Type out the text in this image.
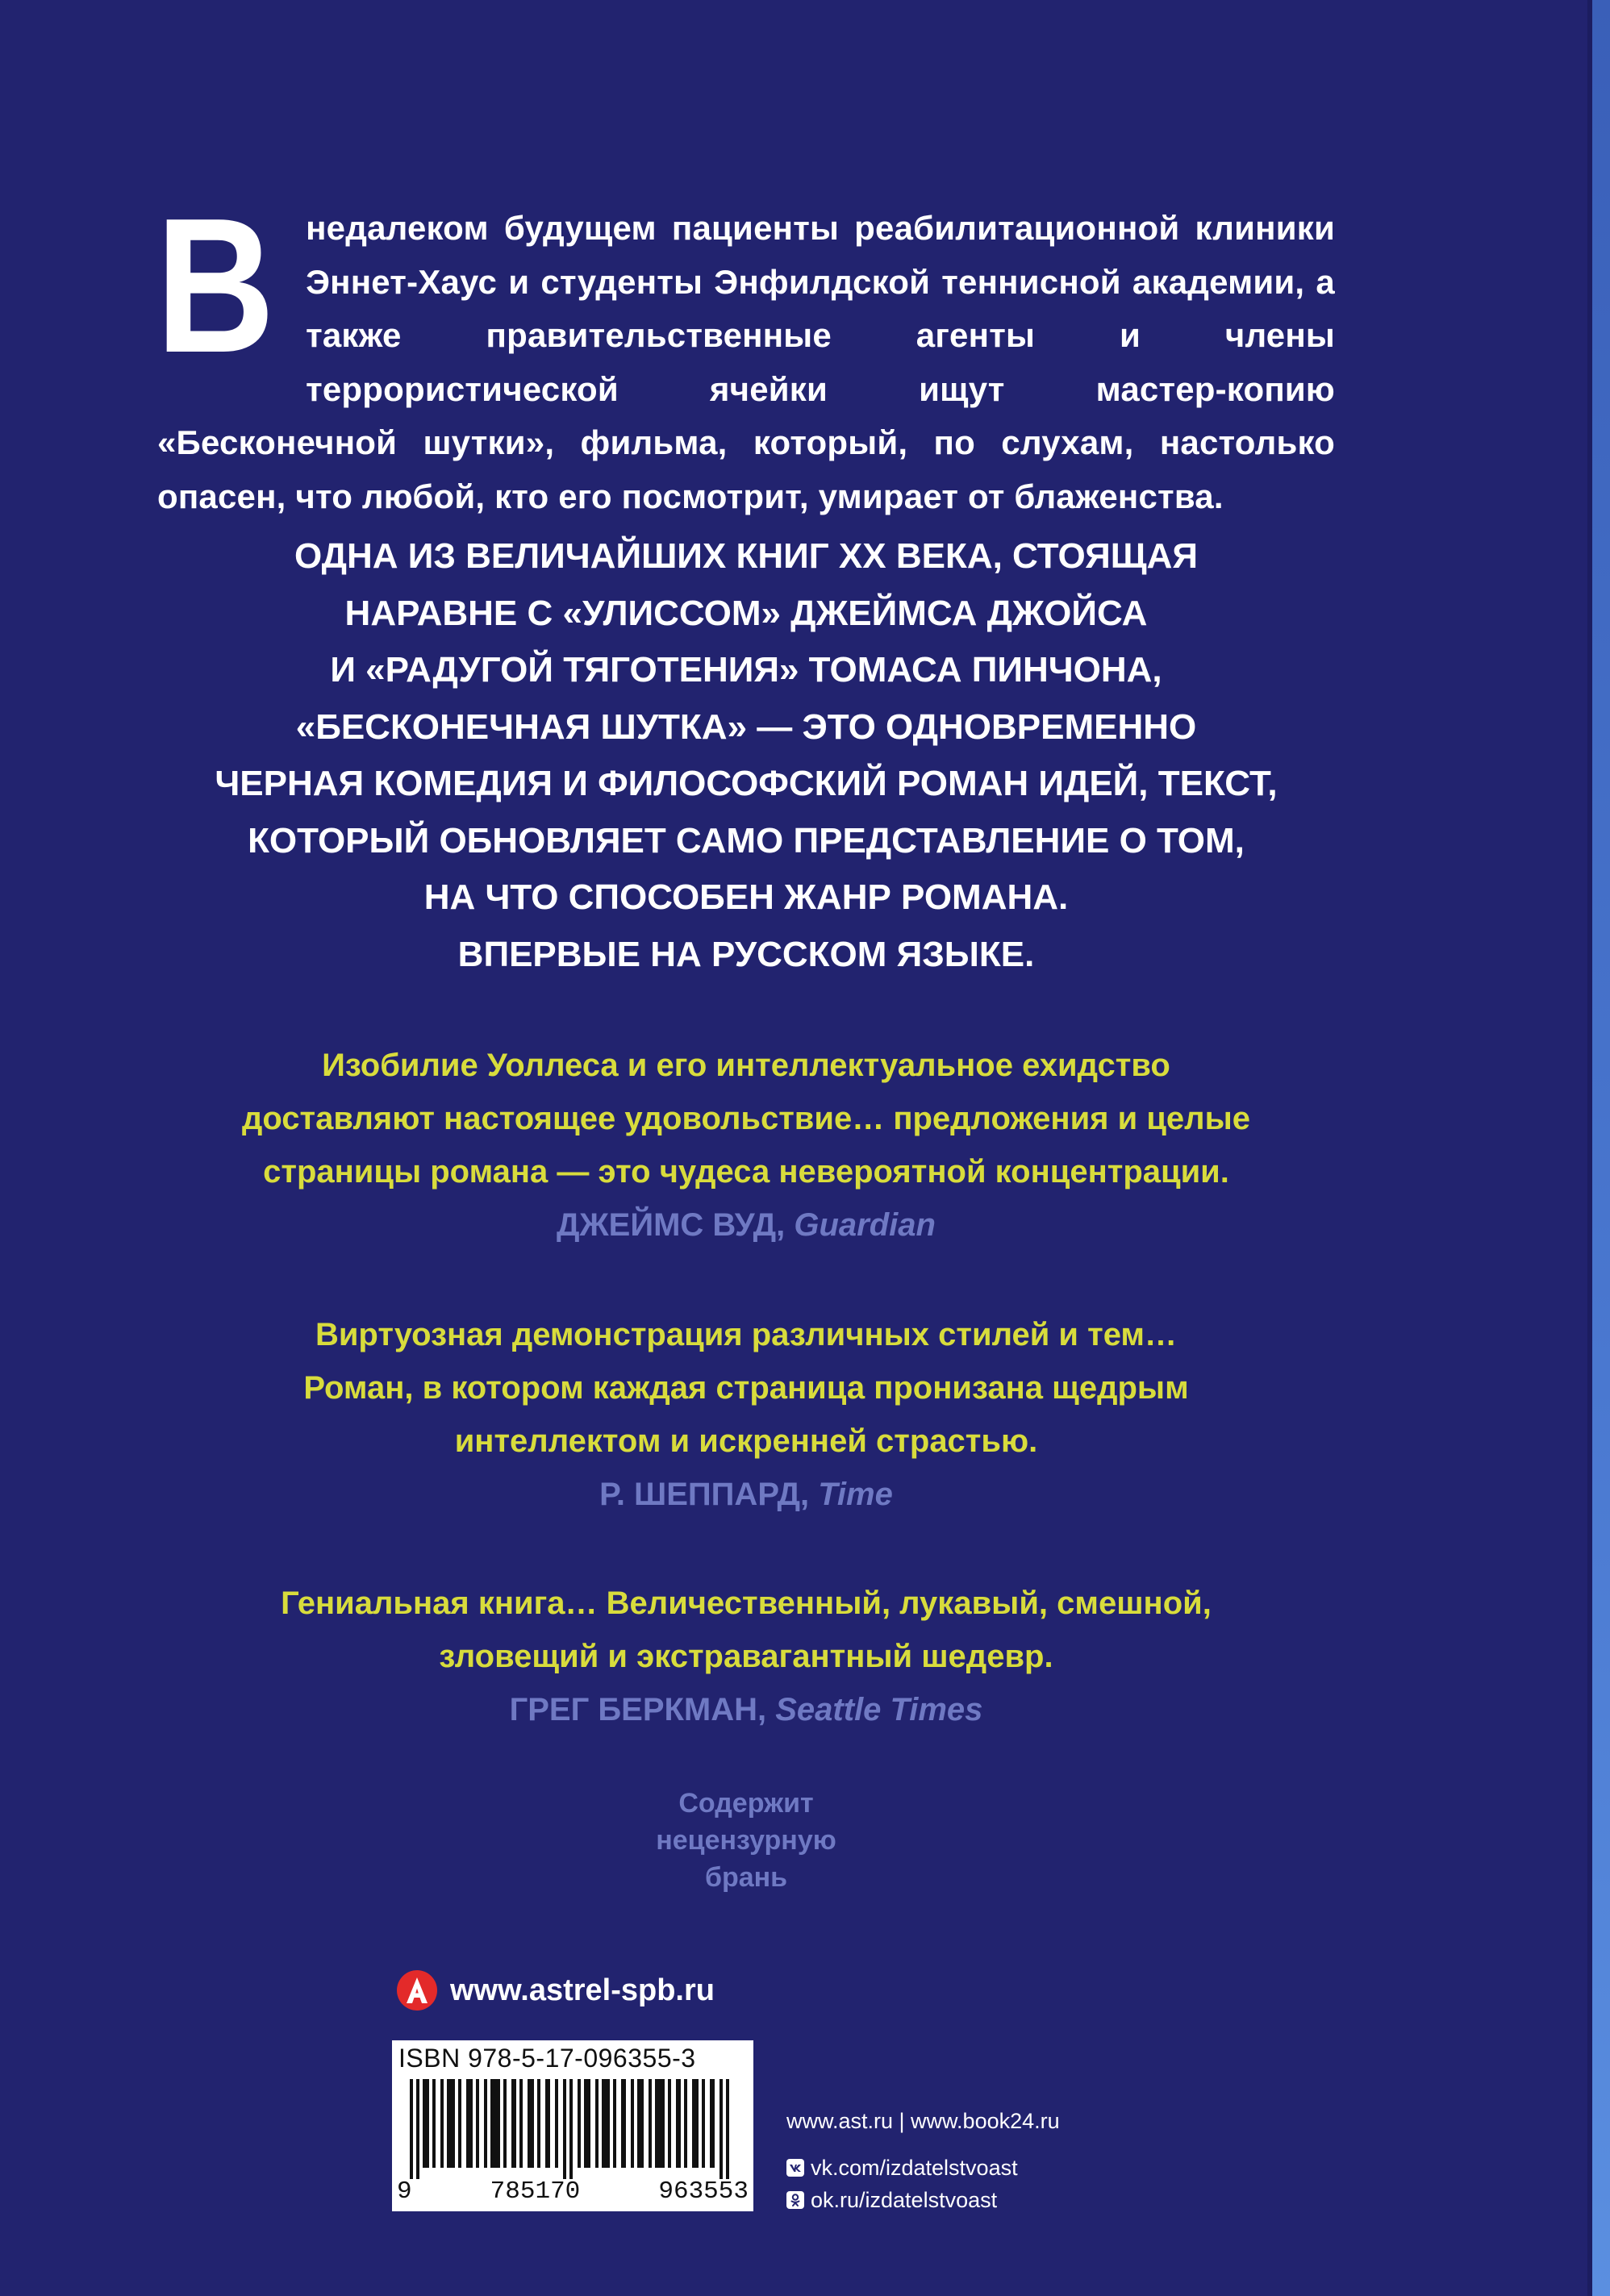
Внедалеком будущем пациенты реабилитационной клиники Эннет-Хаус и студенты Энфилдской теннисной академии, а также правительственные агенты и члены террористической ячейки ищут мастер-копию «Бесконечной шутки», фильма, который, по слухам, настолько опасен, что любой, кто его посмотрит, умирает от блаженства.
ОДНА ИЗ ВЕЛИЧАЙШИХ КНИГ XX ВЕКА, СТОЯЩАЯ
НАРАВНЕ С «УЛИССОМ» ДЖЕЙМСА ДЖОЙСА
И «РАДУГОЙ ТЯГОТЕНИЯ» ТОМАСА ПИНЧОНА,
«БЕСКОНЕЧНАЯ ШУТКА» — ЭТО ОДНОВРЕМЕННО
ЧЕРНАЯ КОМЕДИЯ И ФИЛОСОФСКИЙ РОМАН ИДЕЙ, ТЕКСТ,
КОТОРЫЙ ОБНОВЛЯЕТ САМО ПРЕДСТАВЛЕНИЕ О ТОМ,
НА ЧТО СПОСОБЕН ЖАНР РОМАНА.
ВПЕРВЫЕ НА РУССКОМ ЯЗЫКЕ.
Изобилие Уоллеса и его интеллектуальное ехидство
доставляют настоящее удовольствие… предложения и целые
страницы романа — это чудеса невероятной концентрации.
ДЖЕЙМС ВУД, Guardian
Виртуозная демонстрация различных стилей и тем…
Роман, в котором каждая страница пронизана щедрым
интеллектом и искренней страстью.
Р. ШЕППАРД, Time
Гениальная книга… Величественный, лукавый, смешной,
зловещий и экстравагантный шедевр.
ГРЕГ БЕРКМАН, Seattle Times
Содержит
нецензурную
брань
www.astrel-spb.ru
ISBN 978-5-17-096355-3
9	785170	963553
www.ast.ru | www.book24.ru
vk.com/izdatelstvoast
ok.ru/izdatelstvoast
